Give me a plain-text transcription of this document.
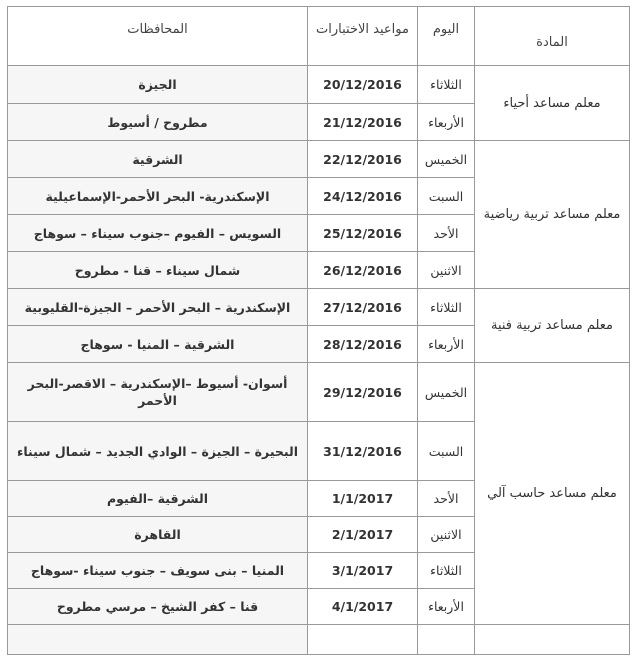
المادة	اليوم	مواعيد الاختبارات	المحافظات
معلم مساعد أحياء	الثلاثاء	20/12/2016	الجيزة
	الأربعاء	21/12/2016	مطروح / أسيوط
معلم مساعد تربية رياضية	الخميس	22/12/2016	الشرقية
	السبت	24/12/2016	الإسكندرية- البحر الأحمر-الإسماعيلية
	الأحد	25/12/2016	السويس – الفيوم –جنوب سيناء – سوهاج
	الاثنين	26/12/2016	شمال سيناء – قنا - مطروح
معلم مساعد تربية فنية	الثلاثاء	27/12/2016	الإسكندرية – البحر الأحمر – الجيزة-القليوبية
	الأربعاء	28/12/2016	الشرقية – المنيا - سوهاج
معلم مساعد حاسب آلي	الخميس	29/12/2016	أسوان- أسيوط –الإسكندرية – الاقصر-البحر الأحمر
	السبت	31/12/2016	البحيرة – الجيزة – الوادي الجديد – شمال سيناء
	الأحد	1/1/2017	الشرقية –الفيوم
	الاثنين	2/1/2017	القاهرة
	الثلاثاء	3/1/2017	المنيا – بنى سويف – جنوب سيناء -سوهاج
	الأربعاء	4/1/2017	قنا – كفر الشيخ – مرسي مطروح
